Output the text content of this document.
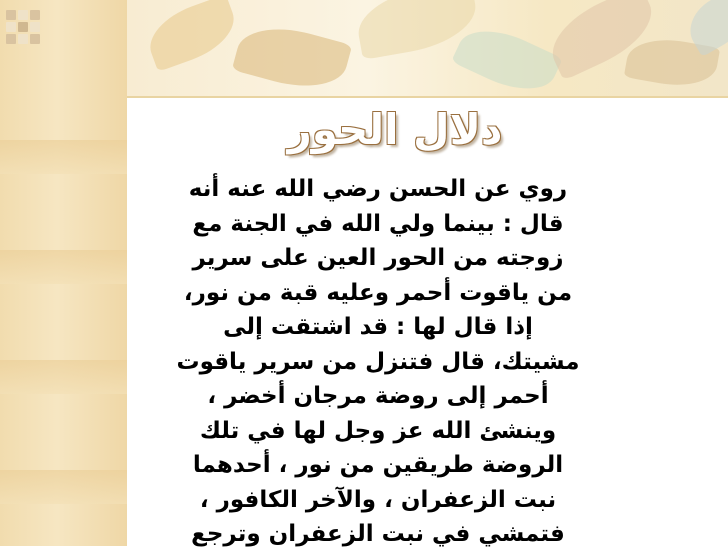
دلال الحور
روي عن الحسن رضي الله عنه أنه
قال : بينما ولي الله في الجنة مع
زوجته من الحور العين على سرير
من ياقوت أحمر وعليه قبة من نور،
إذا قال لها : قد اشتقت إلى
مشيتك، قال فتنزل من سرير ياقوت
أحمر إلى روضة مرجان أخضر ،
وينشئ الله عز وجل لها في تلك
الروضة طريقين من نور ، أحدهما
نبت الزعفران ، والآخر الكافور ،
فتمشي في نبت الزعفران وترجع
